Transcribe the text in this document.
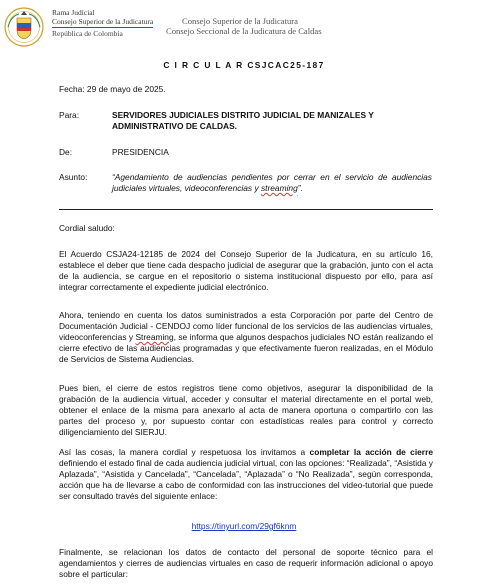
Rama Judicial
Consejo Superior de la Judicatura
República de Colombia
Consejo Superior de la Judicatura
Consejo Seccional de la Judicatura de Caldas
C I R C U L A R CSJCAC25-187
Fecha: 29 de mayo de 2025.
Para:	SERVIDORES JUDICIALES DISTRITO JUDICIAL DE MANIZALES Y ADMINISTRATIVO DE CALDAS.
De:	PRESIDENCIA
Asunto:	“Agendamiento de audiencias pendientes por cerrar en el servicio de audiencias judiciales virtuales, videoconferencias y streaming”.
Cordial saludo:
El Acuerdo CSJA24-12185 de 2024 del Consejo Superior de la Judicatura, en su artículo 16, establece el deber que tiene cada despacho judicial de asegurar que la grabación, junto con el acta de la audiencia, se cargue en el repositorio o sistema institucional dispuesto por ello, para así integrar correctamente el expediente judicial electrónico.
Ahora, teniendo en cuenta los datos suministrados a esta Corporación por parte del Centro de Documentación Judicial - CENDOJ como líder funcional de los servicios de las audiencias virtuales, videoconferencias y Streaming, se informa que algunos despachos judiciales NO están realizando el cierre efectivo de las audiencias programadas y que efectivamente fueron realizadas, en el Módulo de Servicios de Sistema Audiencias.
Pues bien, el cierre de estos registros tiene como objetivos, asegurar la disponibilidad de la grabación de la audiencia virtual, acceder y consultar el material directamente en el portal web, obtener el enlace de la misma para anexarlo al acta de manera oportuna o compartirlo con las partes del proceso y, por supuesto contar con estadísticas reales para control y correcto diligenciamiento del SIERJU.
Así las cosas, la manera cordial y respetuosa los invitamos a completar la acción de cierre definiendo el estado final de cada audiencia judicial virtual, con las opciones: “Realizada”, “Asistida y Aplazada”, “Asistida y Cancelada”, “Cancelada”, “Aplazada” o “No Realizada”, según corresponda, acción que ha de llevarse a cabo de conformidad con las instrucciones del video-tutorial que puede ser consultado través del siguiente enlace:
https://tinyurl.com/29gf6knm
Finalmente, se relacionan los datos de contacto del personal de soporte técnico para el agendamientos y cierres de audiencias virtuales en caso de requerir información adicional o apoyo sobre el particular:
